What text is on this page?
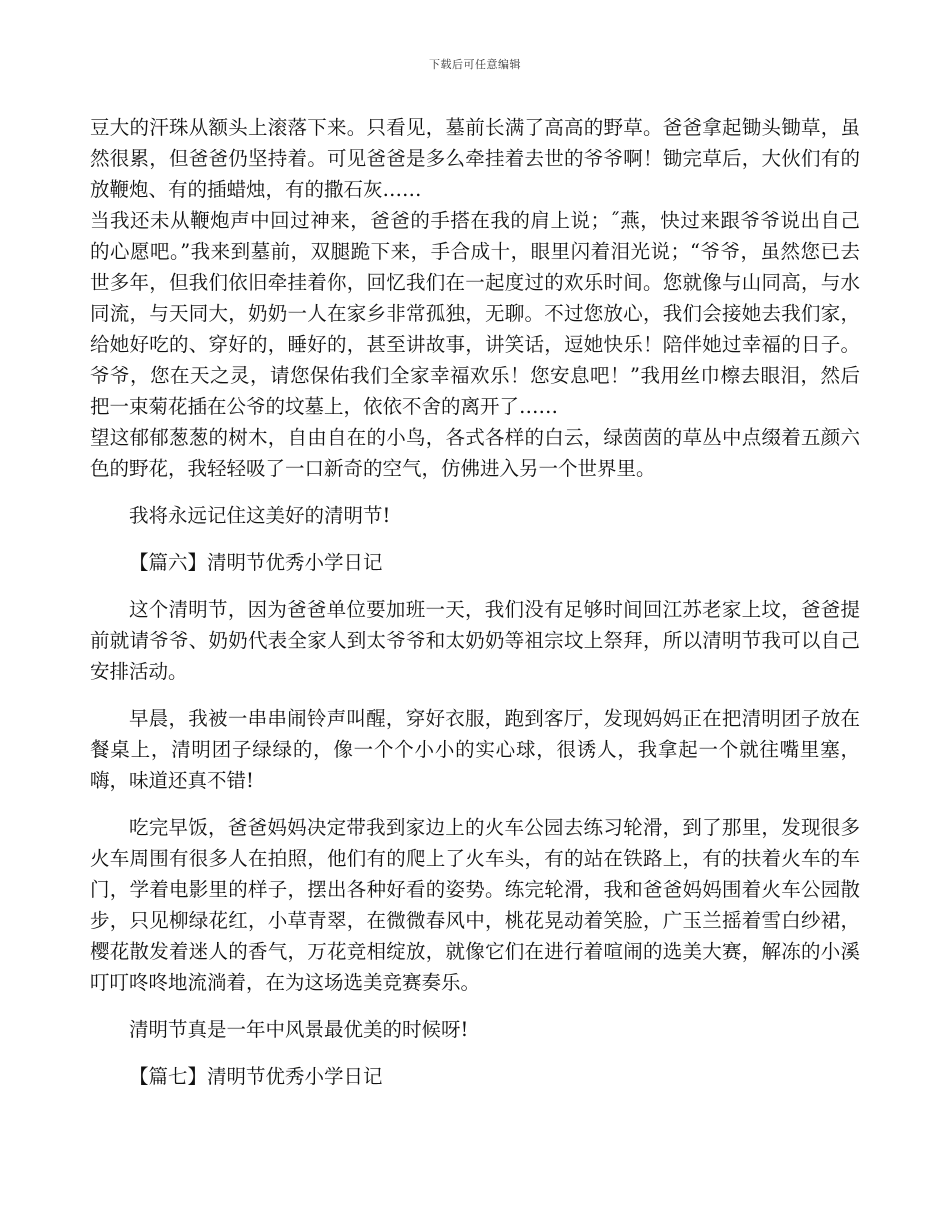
下载后可任意编辑

豆大的汗珠从额头上滚落下来。只看见，墓前长满了高高的野草。爸爸拿起锄头锄草，虽然很累，但爸爸仍坚持着。可见爸爸是多么牵挂着去世的爷爷啊！锄完草后，大伙们有的放鞭炮、有的插蜡烛，有的撒石灰……

当我还未从鞭炮声中回过神来，爸爸的手搭在我的肩上说；˝燕，快过来跟爷爷说出自己的心愿吧。”我来到墓前，双腿跪下来，手合成十，眼里闪着泪光说；“爷爷，虽然您已去世多年，但我们依旧牵挂着你，回忆我们在一起度过的欢乐时间。您就像与山同高，与水同流，与天同大，奶奶一人在家乡非常孤独，无聊。不过您放心，我们会接她去我们家，给她好吃的、穿好的，睡好的，甚至讲故事，讲笑话，逗她快乐！陪伴她过幸福的日子。爷爷，您在天之灵，请您保佑我们全家幸福欢乐！您安息吧！”我用丝巾檫去眼泪，然后把一束菊花插在公爷的坟墓上，依依不舍的离开了……

望这郁郁葱葱的树木，自由自在的小鸟，各式各样的白云，绿茵茵的草丛中点缀着五颜六色的野花，我轻轻吸了一口新奇的空气，仿佛进入另一个世界里。

我将永远记住这美好的清明节!

【篇六】清明节优秀小学日记

这个清明节，因为爸爸单位要加班一天，我们没有足够时间回江苏老家上坟，爸爸提前就请爷爷、奶奶代表全家人到太爷爷和太奶奶等祖宗坟上祭拜，所以清明节我可以自己安排活动。

早晨，我被一串串闹铃声叫醒，穿好衣服，跑到客厅，发现妈妈正在把清明团子放在餐桌上，清明团子绿绿的，像一个个小小的实心球，很诱人，我拿起一个就往嘴里塞，嗨，味道还真不错!

吃完早饭，爸爸妈妈决定带我到家边上的火车公园去练习轮滑，到了那里，发现很多火车周围有很多人在拍照，他们有的爬上了火车头，有的站在铁路上，有的扶着火车的车门，学着电影里的样子，摆出各种好看的姿势。练完轮滑，我和爸爸妈妈围着火车公园散步，只见柳绿花红，小草青翠，在微微春风中，桃花晃动着笑脸，广玉兰摇着雪白纱裙，樱花散发着迷人的香气，万花竞相绽放，就像它们在进行着喧闹的选美大赛，解冻的小溪叮叮咚咚地流淌着，在为这场选美竞赛奏乐。

清明节真是一年中风景最优美的时候呀!

【篇七】清明节优秀小学日记
